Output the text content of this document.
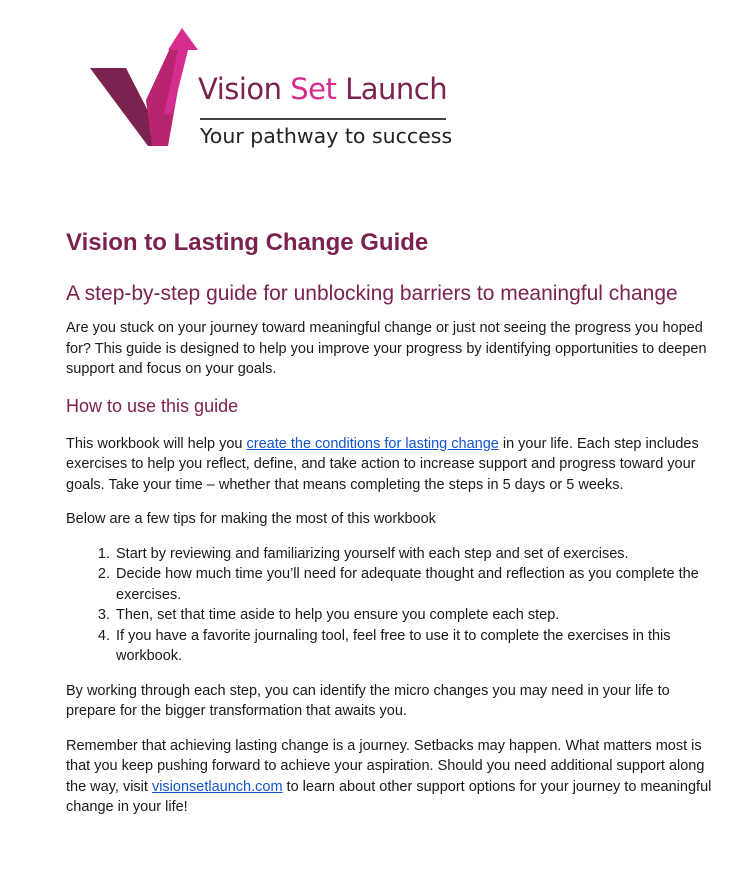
Vision Set Launch
Your pathway to success
Vision to Lasting Change Guide
A step-by-step guide for unblocking barriers to meaningful change

Are you stuck on your journey toward meaningful change or just not seeing the progress you hoped for? This guide is designed to help you improve your progress by identifying opportunities to deepen support and focus on your goals.

How to use this guide

This workbook will help you create the conditions for lasting change in your life. Each step includes exercises to help you reflect, define, and take action to increase support and progress toward your goals. Take your time – whether that means completing the steps in 5 days or 5 weeks.

Below are a few tips for making the most of this workbook

1. Start by reviewing and familiarizing yourself with each step and set of exercises.
2. Decide how much time you’ll need for adequate thought and reflection as you complete the exercises.
3. Then, set that time aside to help you ensure you complete each step.
4. If you have a favorite journaling tool, feel free to use it to complete the exercises in this workbook.

By working through each step, you can identify the micro changes you may need in your life to prepare for the bigger transformation that awaits you.

Remember that achieving lasting change is a journey. Setbacks may happen. What matters most is that you keep pushing forward to achieve your aspiration. Should you need additional support along the way, visit visionsetlaunch.com to learn about other support options for your journey to meaningful change in your life!
